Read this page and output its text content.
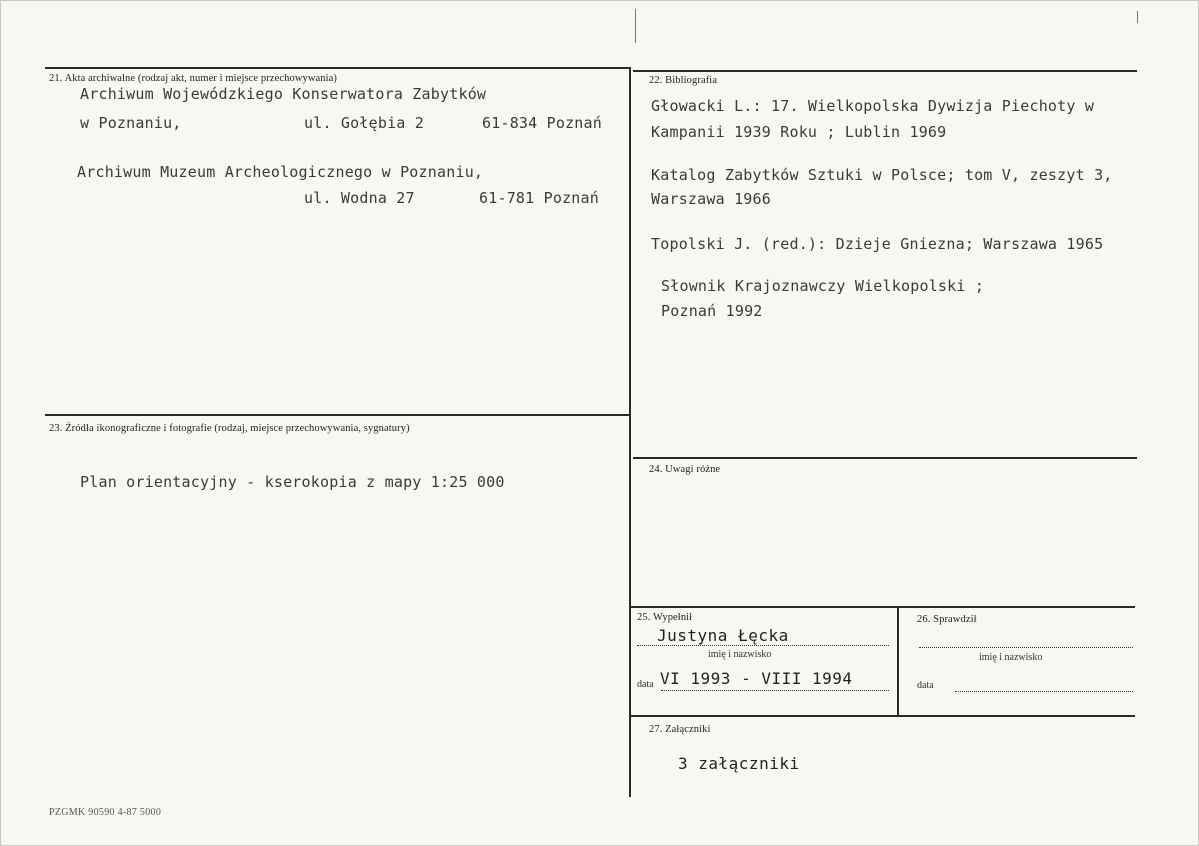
21. Akta archiwalne (rodzaj akt, numer i miejsce przechowywania)
Archiwum Wojewódzkiego Konserwatora Zabytków
w Poznaniu,	ul. Gołębia 2	61-834 Poznań
Archiwum Muzeum Archeologicznego w Poznaniu,
ul. Wodna 27	61-781 Poznań
22. Bibliografia
Głowacki L.: 17. Wielkopolska Dywizja Piechoty w
Kampanii 1939 Roku ; Lublin 1969
Katalog Zabytków Sztuki w Polsce; tom V, zeszyt 3,
Warszawa 1966
Topolski J. (red.): Dzieje Gniezna; Warszawa 1965
Słownik Krajoznawczy Wielkopolski ;
Poznań 1992
23. Źródła ikonograficzne i fotografie (rodzaj, miejsce przechowywania, sygnatury)
Plan orientacyjny - kserokopia z mapy 1:25 000
24. Uwagi różne
25. Wypełnił
Justyna Łęcka
imię i nazwisko
data VI 1993 - VIII 1994
26. Sprawdził
imię i nazwisko
data
27. Załączniki
3 załączniki
PZGMK 90590 4-87 5000
